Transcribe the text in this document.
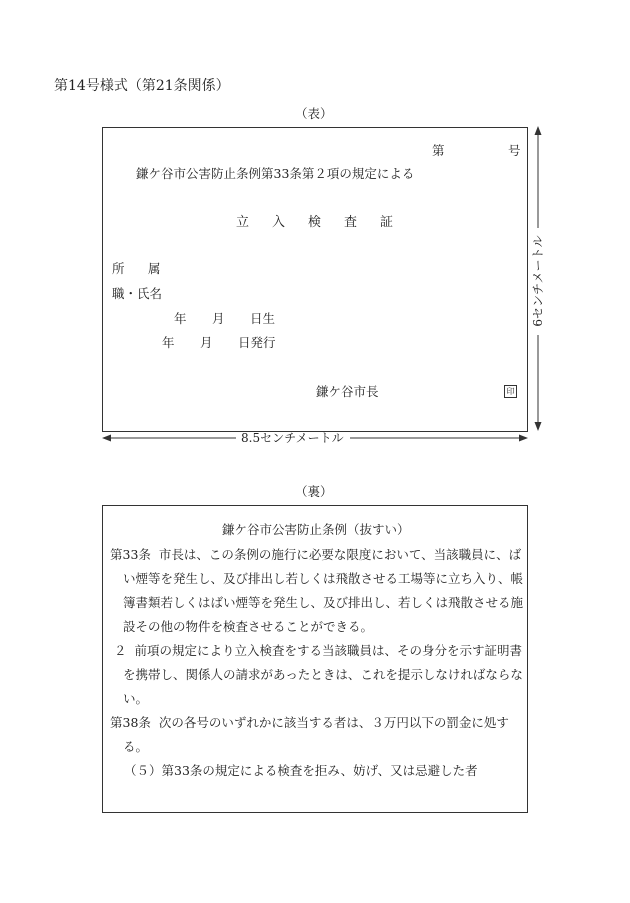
第14号様式（第21条関係）
（表）
第	号
鎌ケ谷市公害防止条例第33条第２項の規定による
立 入 検 査 証
所 属
職・氏名
年 月 日生
年 月 日発行
鎌ケ谷市長	印
6センチメートル
8.5センチメートル
（裏）
鎌ケ谷市公害防止条例（抜すい）

第33条 市長は、この条例の施行に必要な限度において、当該職員に、ばい煙等を発生し、及び排出し若しくは飛散させる工場等に立ち入り、帳簿書類若しくはばい煙等を発生し、及び排出し、若しくは飛散させる施設その他の物件を検査させることができる。

２ 前項の規定により立入検査をする当該職員は、その身分を示す証明書を携帯し、関係人の請求があったときは、これを提示しなければならない。

第38条 次の各号のいずれかに該当する者は、３万円以下の罰金に処する。

（５）第33条の規定による検査を拒み、妨げ、又は忌避した者
